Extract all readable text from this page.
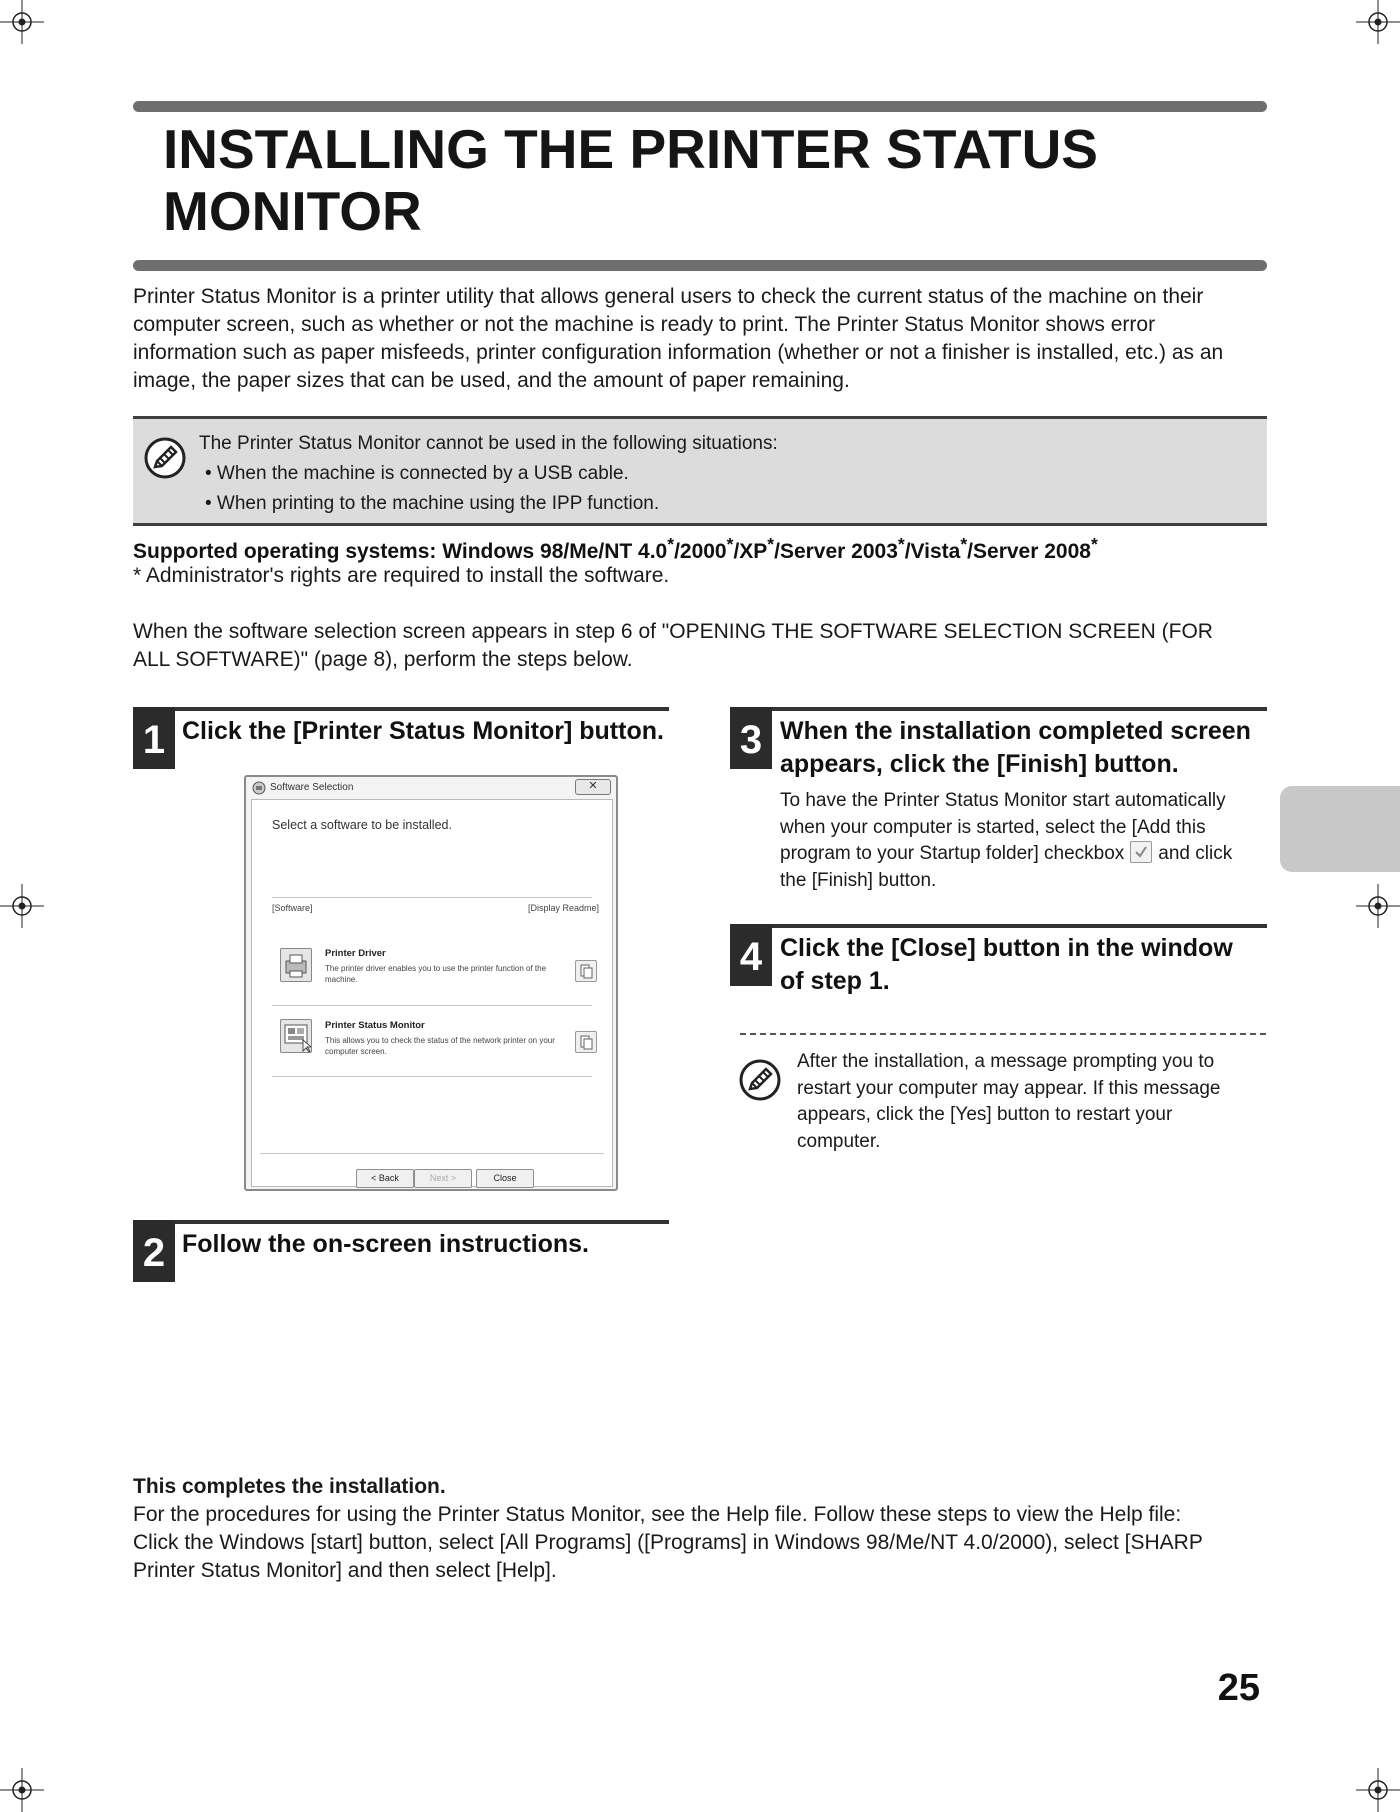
INSTALLING THE PRINTER STATUS
MONITOR
Printer Status Monitor is a printer utility that allows general users to check the current status of the machine on their
computer screen, such as whether or not the machine is ready to print. The Printer Status Monitor shows error
information such as paper misfeeds, printer configuration information (whether or not a finisher is installed, etc.) as an
image, the paper sizes that can be used, and the amount of paper remaining.
The Printer Status Monitor cannot be used in the following situations:
• When the machine is connected by a USB cable.
• When printing to the machine using the IPP function.
Supported operating systems: Windows 98/Me/NT 4.0*/2000*/XP*/Server 2003*/Vista*/Server 2008*
* Administrator's rights are required to install the software.
When the software selection screen appears in step 6 of "OPENING THE SOFTWARE SELECTION SCREEN (FOR
ALL SOFTWARE)" (page 8), perform the steps below.
1 Click the [Printer Status Monitor] button.
Software Selection	✕
Select a software to be installed.
[Software]	[Display Readme]
Printer Driver
The printer driver enables you to use the printer function of the machine.
Printer Status Monitor
This allows you to check the status of the network printer on your computer screen.
< Back	Next >	Close
2 Follow the on-screen instructions.
3 When the installation completed screen
appears, click the [Finish] button.
To have the Printer Status Monitor start automatically
when your computer is started, select the [Add this
program to your Startup folder] checkbox and click
the [Finish] button.
4 Click the [Close] button in the window
of step 1.
After the installation, a message prompting you to
restart your computer may appear. If this message
appears, click the [Yes] button to restart your
computer.
This completes the installation.
For the procedures for using the Printer Status Monitor, see the Help file. Follow these steps to view the Help file:
Click the Windows [start] button, select [All Programs] ([Programs] in Windows 98/Me/NT 4.0/2000), select [SHARP
Printer Status Monitor] and then select [Help].
25
